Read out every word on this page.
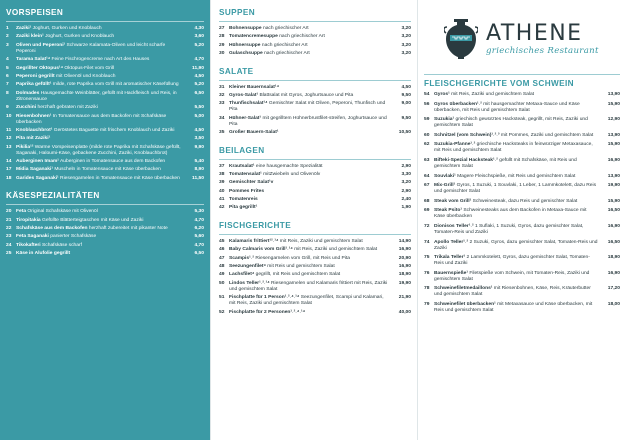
VORSPEISEN
1	Zaziki¹ Joghurt, Gurken und Knoblauch	4,30
2	Zaziki klein¹ Joghurt, Gurken und Knoblauch	3,60
3	Oliven und Peperoni¹ Schwarze Kalamata-Oliven und leicht scharfe Peperoni
5,20
4	Tarama Salat¹⁴ Feine Fischrogencreme nach Art des Hauses	4,70
5	Gegrillter Oktopus¹⁴ Oktopus-Filet vom Grill	11,90
6	Peperoni gegrillt mit Olivenöl und Knoblauch	4,50
7	Paprika gefüllt¹ milde, rote Paprika vom Grill mit aromatischer Käsefüllung	5,20
8	Dolmades Hausgemachte Weinblätter, gefüllt mit Hackfleisch und Reis, in Zitronensauce
6,50
9	Zucchini herzhaft gebraten mit Zaziki	5,50
10 Riesenbohnen¹ In Tomatensauce aus dem Backofen mit Schafskäse überbacken
5,00
11 Knoblauchbrot¹ Geröstetes Baguette mit frischem Knoblauch und Zaziki	4,50
12 Pita mit Zaziki¹	3,50
13 Pikilia¹² Warme Vorspeisenplatte (milde rote Paprika mit Schafskäse gefüllt, Saganaki, Haloumi-Käse, gebackene Zucchini, Zaziki, Knoblauchbrot)
9,90
14 Auberginen Imam¹ Auberginen in Tomatensauce aus dem Backofen	5,40
17 Midia Saganaki¹ Muscheln in Tomatensauce mit Käse überbacken	8,90
18 Garides Saganaki¹ Riesengarnelen in Tomatensauce mit Käse überbacken	11,50
KÄSESPEZIALITÄTEN
20 Feta Original Schafskäse mit Olivenöl	5,30
21 Tiropitakia Gefüllte Blätterteigtaschen mit Käse und Zaziki	4,70
22 Schafskäse aus dem Backofen herzhaft zubereitet mit pikanter Note	6,20
23 Feta Saganaki panierter Schafskäse	5,60
24 Tikokafteri Schafskäse scharf	4,70
25 Käse in Alufolie gegrillt	6,50
SUPPEN
27 Bohnensuppe nach griechischer Art	3,20
28 Tomatencremesuppe nach griechischer Art	3,20
29 Hühnersuppe nach griechischer Art	3,20
30 Gulaschsuppe nach griechischer Art	3,20
SALATE
31 Kleiner Bauernsalat¹⁴	4,50
32 Gyros-Salat¹ Blattsalat mit Gyros, Joghurtsauce und Pita	9,50
33 Thunfischsalat¹⁴ Gemischter Salat mit Oliven, Peperoni, Thunfisch und Pita
9,00
34 Hühner-Salat¹ mit gegrilltem Hühnerbrustfilet-streifen, Joghurtsauce und Pita
9,50
35 Großer Bauern-Salat¹	10,50
BEILAGEN
37 Krautsalat¹ eine hausgemachte Spezialität	2,90
38 Tomatensalat¹ mitZwiebeln und Olivenölv	3,30
39 Gemischter Salat¹v	3,20
40 Pommes Frites	2,90
41 Tomatenreis	2,40
42 Pita gegrillt¹	1,90
FISCHGERICHTE
45 Kalamaris frittiert¹²˒¹⁴ mit Reis, Zaziki und gemischtem Salat	14,90
46 Baby Calmaris vom Grill¹˒¹⁴ mit Reis, Zaziki und gemischtem Salat	16,90
47 Scampis¹˒² Riesengarnelen vom Grill, mit Reis und Pita	20,90
48 Seezungenfilet⁴ mit Reis und gemischtem Salat	16,90
49 Lachsfilet⁴ gegrillt, mit Reis und gemischtem Salat	18,90
50 Lindos Teller¹˒²˒¹⁴ Riesengarnelen und Kalamaris frittiert mit Reis, Zaziki und gemischtem Salat
19,90
51 Fischplatte für 1 Person¹˒²˒⁴˒¹⁴ Seezungenfilet, Scampi und Kalamari, mit Reis, Zaziki und gemischtem Salat
21,90
52 Fischplatte für 2 Personen¹˒²˒⁴˒¹⁴	40,00
ATHENE
griechisches Restaurant
FLEISCHGERICHTE VOM SCHWEIN
54 Gyros¹ mit Reis, Zaziki und gemischtem Salat	13,90
56 Gyros überbacken¹˒² mit hausgemachter Metaxa-Sauce und Käse überbacken, mit Reis und gemischtem Salat
15,90
59 Suzukia¹ griechisch gewürztes Hacksteak, gegrillt, mit Reis, Zaziki und gemischtem Salat
12,90
60 Schnitzel (vom Schwein)¹˒²˒³ mit Pommes, Zaziki und gemischtem Salat	13,90
62 Suzukia-Pfanne¹˒² griechische Hacksteaks in feinwürziger Metaxasauce, mit Reis und gemischtem Salat
15,90
63 Bifteki-Spezial Hacksteak¹˒² gefüllt mit Schafskäse, mit Reis und gemischtem Salat
16,90
64 Souvlaki¹ Magere Fleischspieße, mit Reis und gemischtem Salat	13,90
67 Mix-Grill¹ Gyros, 1 Suzuki, 1 Souvlaki, 1 Leber, 1 Lammkotelett, dazu Reis und gemischter Salat
19,90
68 Steak vom Grill¹ Schweinesteak, dazu Reis und gemischter Salat	15,90
69 Steak Psito¹ Schweinesteaks aus dem Backofen in Metaxa-Sauce mit Käse überbacken
16,50
72 Dionisos Teller¹˒² 1 Suflaki, 1 Suzuki, Gyros, dazu gemischter Salat, Tomaten-Reis und Zaziki
16,90
74 Apollo Teller¹˒² 2 Suzuki, Gyros, dazu gemischter Salat, Tomaten-Reis und Zaziki
16,50
75 Trikala Teller¹ 2 Lammkotelett, Gyros, dazu gemischter Salat, Tomaten-Reis und Zaziki
18,90
76 Bauernspieße¹ Filetspieße vom Schwein, mit Tomaten-Reis, Zaziki und gemischtem Salat
16,90
78 Schweinefiletmedaillons¹ mit Riesenbohnen, Käse, Reis, Kräuterbutter und gemischtem Salat
17,20
79 Schweinefilet überbacken¹ mit Metaxasauce und Käse überbacken, mit Reis und gemischtem Salat
18,00
